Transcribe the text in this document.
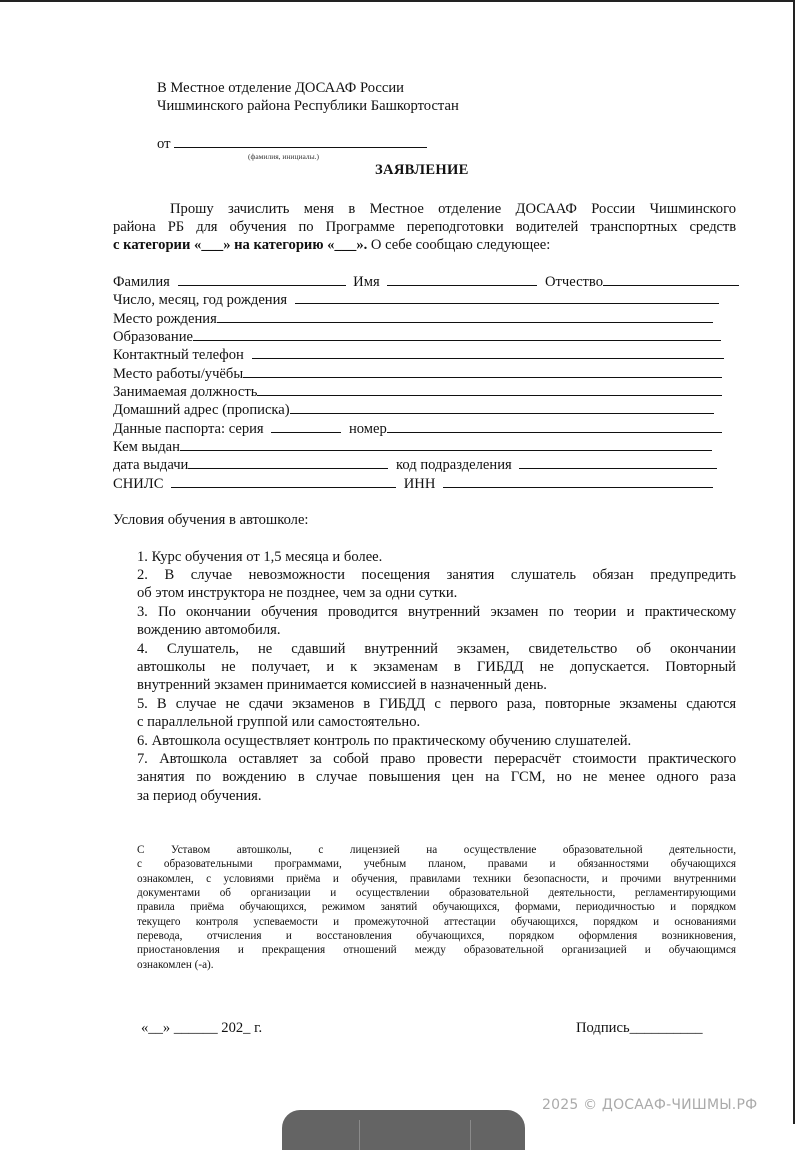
В Местное отделение ДОСААФ России
Чишминского района Республики Башкортостан
от
(фамилия, инициалы.)
ЗАЯВЛЕНИЕ
Прошу зачислить меня в Местное отделение ДОСААФ России Чишминского
района РБ для обучения по Программе переподготовки водителей транспортных средств
с категории «___» на категорию «___». О себе сообщаю следующее:
Фамилия	Имя	Отчество
Число, месяц, год рождения
Место рождения
Образование
Контактный телефон
Место работы/учёбы
Занимаемая должность
Домашний адрес (прописка)
Данные паспорта: серия	номер
Кем выдан
дата выдачи	код подразделения
СНИЛС	ИНН
Условия обучения в автошколе:
1. Курс обучения от 1,5 месяца и более.
2. В случае невозможности посещения занятия слушатель обязан предупредить
об этом инструктора не позднее, чем за одни сутки.
3. По окончании обучения проводится внутренний экзамен по теории и практическому
вождению автомобиля.
4. Слушатель, не сдавший внутренний экзамен, свидетельство об окончании
автошколы не получает, и к экзаменам в ГИБДД не допускается. Повторный
внутренний экзамен принимается комиссией в назначенный день.
5. В случае не сдачи экзаменов в ГИБДД с первого раза, повторные экзамены сдаются
с параллельной группой или самостоятельно.
6. Автошкола осуществляет контроль по практическому обучению слушателей.
7. Автошкола оставляет за собой право провести перерасчёт стоимости практического
занятия по вождению в случае повышения цен на ГСМ, но не менее одного раза
за период обучения.
С Уставом автошколы, с лицензией на осуществление образовательной деятельности,
с образовательными программами, учебным планом, правами и обязанностями обучающихся
ознакомлен, с условиями приёма и обучения, правилами техники безопасности, и прочими внутренними
документами об организации и осуществлении образовательной деятельности, регламентирующими
правила приёма обучающихся, режимом занятий обучающихся, формами, периодичностью и порядком
текущего контроля успеваемости и промежуточной аттестации обучающихся, порядком и основаниями
перевода, отчисления и восстановления обучающихся, порядком оформления возникновения,
приостановления и прекращения отношений между образовательной организацией и обучающимся
ознакомлен (-а).
«__» ______ 202_ г.	Подпись__________
2025 © ДОСААФ-ЧИШМЫ.РФ
